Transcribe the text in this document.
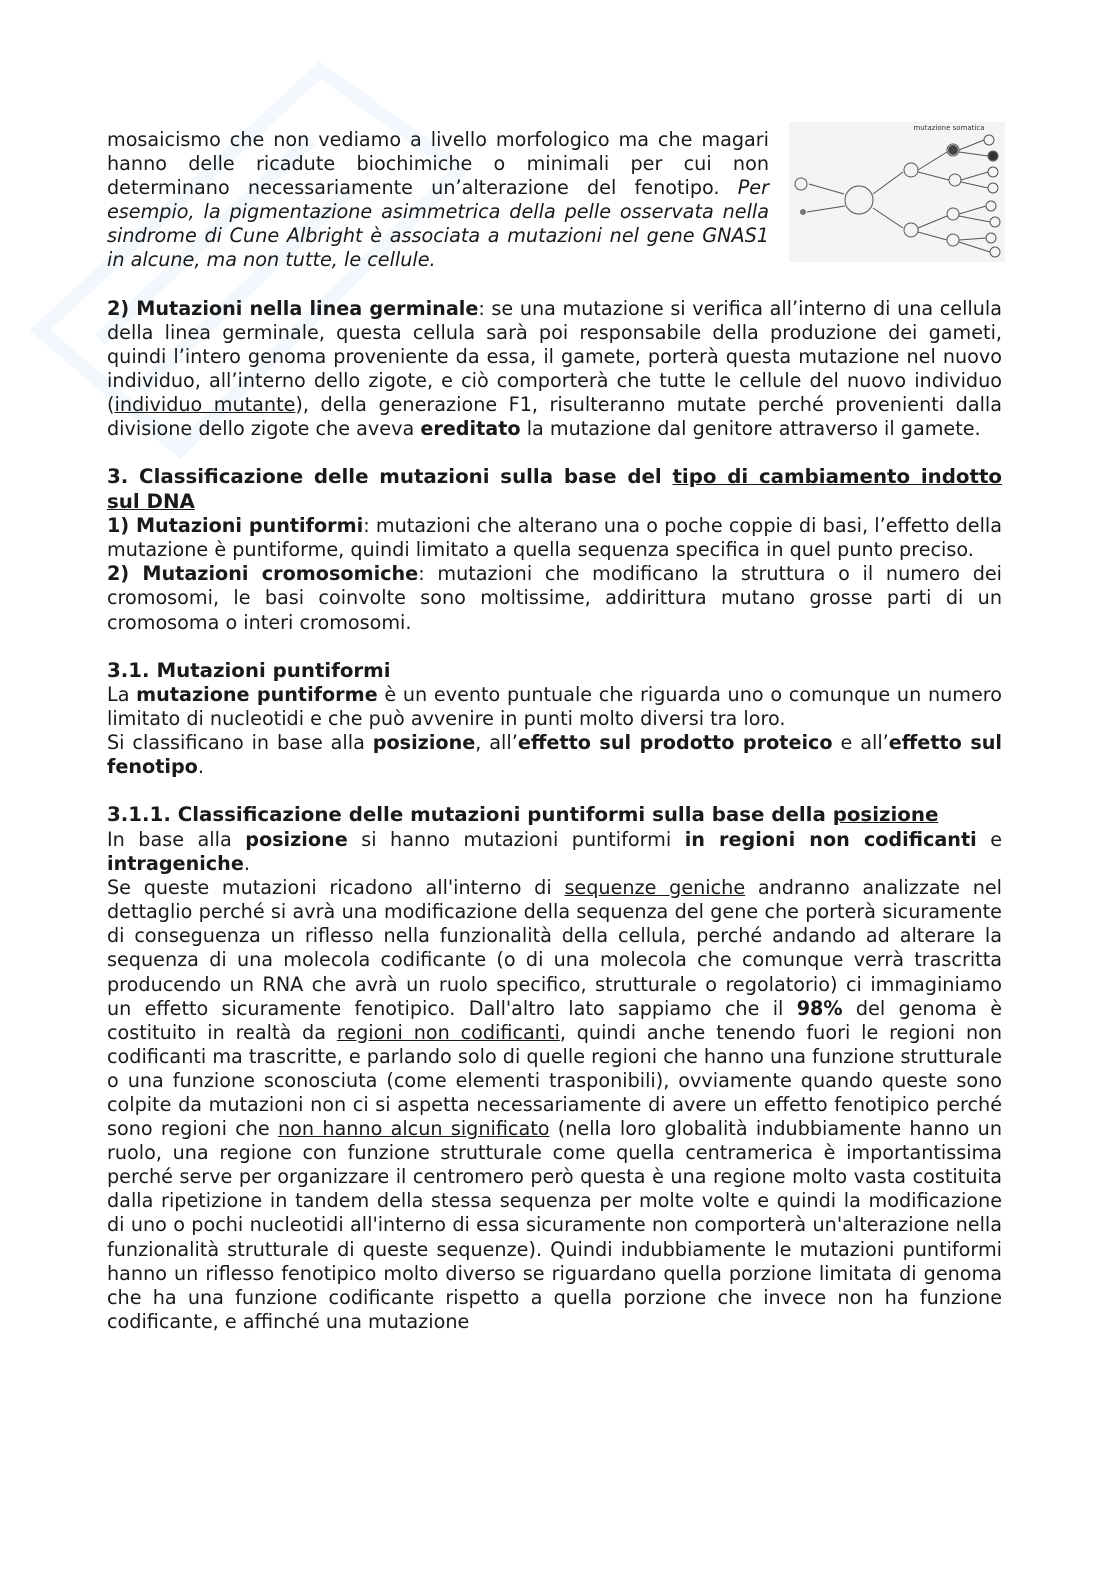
mosaicismo che non vediamo a livello morfologico ma che magari hanno delle ricadute biochimiche o minimali per cui non determinano necessariamente un’alterazione del fenotipo. Per esempio, la pigmentazione asimmetrica della pelle osservata nella sindrome di Cune Albright è associata a mutazioni nel gene GNAS1 in alcune, ma non tutte, le cellule.

mutazione somatica

2) Mutazioni nella linea germinale: se una mutazione si verifica all’interno di una cellula della linea germinale, questa cellula sarà poi responsabile della produzione dei gameti, quindi l’intero genoma proveniente da essa, il gamete, porterà questa mutazione nel nuovo individuo, all’interno dello zigote, e ciò comporterà che tutte le cellule del nuovo individuo (individuo mutante), della generazione F1, risulteranno mutate perché provenienti dalla divisione dello zigote che aveva ereditato la mutazione dal genitore attraverso il gamete.

3. Classificazione delle mutazioni sulla base del tipo di cambiamento indotto sul DNA

1) Mutazioni puntiformi: mutazioni che alterano una o poche coppie di basi, l’effetto della mutazione è puntiforme, quindi limitato a quella sequenza specifica in quel punto preciso.

2) Mutazioni cromosomiche: mutazioni che modificano la struttura o il numero dei cromosomi, le basi coinvolte sono moltissime, addirittura mutano grosse parti di un cromosoma o interi cromosomi.

3.1. Mutazioni puntiformi

La mutazione puntiforme è un evento puntuale che riguarda uno o comunque un numero limitato di nucleotidi e che può avvenire in punti molto diversi tra loro.

Si classificano in base alla posizione, all’effetto sul prodotto proteico e all’effetto sul fenotipo.

3.1.1. Classificazione delle mutazioni puntiformi sulla base della posizione

In base alla posizione si hanno mutazioni puntiformi in regioni non codificanti e intrageniche.

Se queste mutazioni ricadono all'interno di sequenze geniche andranno analizzate nel dettaglio perché si avrà una modificazione della sequenza del gene che porterà sicuramente di conseguenza un riflesso nella funzionalità della cellula, perché andando ad alterare la sequenza di una molecola codificante (o di una molecola che comunque verrà trascritta producendo un RNA che avrà un ruolo specifico, strutturale o regolatorio) ci immaginiamo un effetto sicuramente fenotipico. Dall'altro lato sappiamo che il 98% del genoma è costituito in realtà da regioni non codificanti, quindi anche tenendo fuori le regioni non codificanti ma trascritte, e parlando solo di quelle regioni che hanno una funzione strutturale o una funzione sconosciuta (come elementi trasponibili), ovviamente quando queste sono colpite da mutazioni non ci si aspetta necessariamente di avere un effetto fenotipico perché sono regioni che non hanno alcun significato (nella loro globalità indubbiamente hanno un ruolo, una regione con funzione strutturale come quella centramerica è importantissima perché serve per organizzare il centromero però questa è una regione molto vasta costituita dalla ripetizione in tandem della stessa sequenza per molte volte e quindi la modificazione di uno o pochi nucleotidi all'interno di essa sicuramente non comporterà un'alterazione nella funzionalità strutturale di queste sequenze). Quindi indubbiamente le mutazioni puntiformi hanno un riflesso fenotipico molto diverso se riguardano quella porzione limitata di genoma che ha una funzione codificante rispetto a quella porzione che invece non ha funzione codificante, e affinché una mutazione
